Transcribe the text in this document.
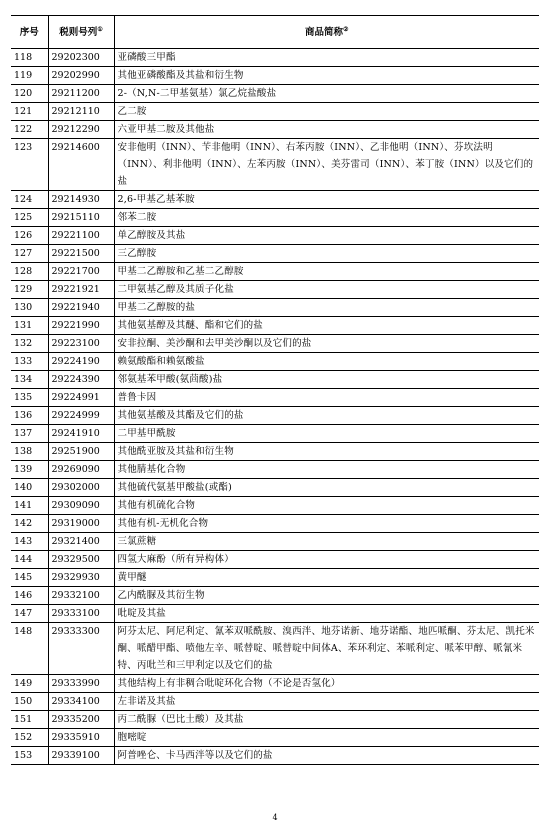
序号	税则号列①	商品简称②
118	29202300	亚磷酸三甲酯
119	29202990	其他亚磷酸酯及其盐和衍生物
120	29211200	2-（N,N-二甲基氨基）氯乙烷盐酸盐
121	29212110	乙二胺
122	29212290	六亚甲基二胺及其他盐
123	29214600	安非他明（INN）、苄非他明（INN）、右苯丙胺（INN）、乙非他明（INN）、芬坎法明（INN）、利非他明（INN）、左苯丙胺（INN）、美芬雷司（INN）、苯丁胺（INN）以及它们的盐
124	29214930	2,6-甲基乙基苯胺
125	29215110	邻苯二胺
126	29221100	单乙醇胺及其盐
127	29221500	三乙醇胺
128	29221700	甲基二乙醇胺和乙基二乙醇胺
129	29221921	二甲氨基乙醇及其质子化盐
130	29221940	甲基二乙醇胺的盐
131	29221990	其他氨基醇及其醚、酯和它们的盐
132	29223100	安非拉酮、美沙酮和去甲美沙酮以及它们的盐
133	29224190	赖氨酸酯和赖氨酸盐
134	29224390	邻氨基苯甲酸(氨茴酸)盐
135	29224991	普鲁卡因
136	29224999	其他氨基酸及其酯及它们的盐
137	29241910	二甲基甲酰胺
138	29251900	其他酰亚胺及其盐和衍生物
139	29269090	其他腈基化合物
140	29302000	其他硫代氨基甲酸盐(或酯)
141	29309090	其他有机硫化合物
142	29319000	其他有机-无机化合物
143	29321400	三氯蔗糖
144	29329500	四氢大麻酚（所有异构体）
145	29329930	黄甲醚
146	29332100	乙内酰脲及其衍生物
147	29333100	吡啶及其盐
148	29333300	阿芬太尼、阿尼利定、氰苯双哌酰胺、溴西泮、地芬诺新、地芬诺酯、地匹哌酮、芬太尼、凯托米酮、哌醋甲酯、喷他左辛、哌替啶、哌替啶中间体A、苯环利定、苯哌利定、哌苯甲醇、哌氰米特、丙吡兰和三甲利定以及它们的盐
149	29333990	其他结构上有非稠合吡啶环化合物（不论是否氢化）
150	29334100	左非诺及其盐
151	29335200	丙二酰脲（巴比土酸）及其盐
152	29335910	胞嘧啶
153	29339100	阿普唑仑、卡马西泮等以及它们的盐
4
